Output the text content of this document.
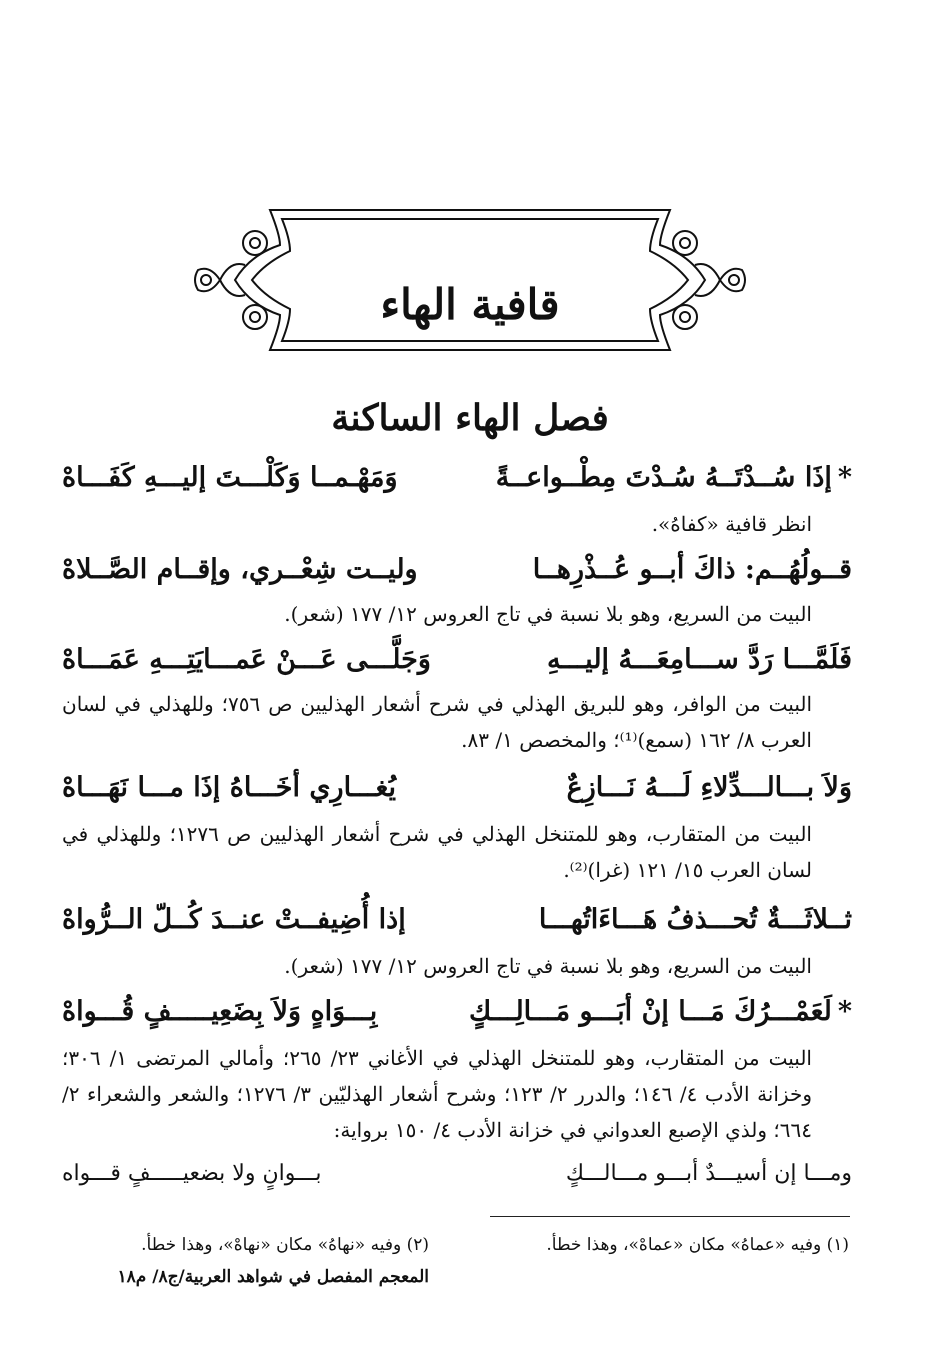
قافية الهاء
فصل الهاء الساكنة
*إذَا سُــدْتَــهُ سُـدْتَ مِطْــواعــةً
وَمَهْـمــا وَكَلْـــتَ إليـــهِ كَفَـــاهْ

انظر قافية «كفاهُ».

قــولُهُــم: ذاكَ أبــو عُــذْرِهــا
وليــت شِعْــري، وإقــام الصَّــلاهْ

البيت من السريع، وهو بلا نسبة في تاج العروس ١٢/ ١٧٧ (شعر).

فَلَمَّـــا رَدَّ ســـامِعَـــهُ إليـــهِ
وَجَلَّـــى عَـــنْ عَمـــايَتِـــهِ عَمَـــاهْ

البيت من الوافر، وهو للبريق الهذلي في شرح أشعار الهذليين ص ٧٥٦؛ وللهذلي في لسان العرب ٨/ ١٦٢ (سمع)⁽¹⁾؛ والمخصص ١/ ٨٣.

وَلاَ بـــالـــدِّلاءِ لَـــهُ نَـــازِعٌ
يُغـــارِي أخَـــاهُ إذَا مـــا نَهَـــاهْ

البيت من المتقارب، وهو للمتنخل الهذلي في شرح أشعار الهذليين ص ١٢٧٦؛ وللهذلي في لسان العرب ١٥/ ١٢١ (غرا)⁽²⁾.

ثــلاثَـــةٌ تُحـــذفُ هَـــاءَاتُهـــا
إذا أُضِيفــتْ عنــدَ كُــلّ الــرُّواهْ

البيت من السريع، وهو بلا نسبة في تاج العروس ١٢/ ١٧٧ (شعر).

*لَعَمْـــرُكَ مَـــا إنْ أبَـــو مَـــالِـــكٍ
بِـــوَاهٍ وَلاَ بِضَعِيـــــفٍ قُـــواهْ

البيت من المتقارب، وهو للمتنخل الهذلي في الأغاني ٢٣/ ٢٦٥؛ وأمالي المرتضى ١/ ٣٠٦؛ وخزانة الأدب ٤/ ١٤٦؛ والدرر ٢/ ١٢٣؛ وشرح أشعار الهذليّين ٣/ ١٢٧٦؛ والشعر والشعراء ٢/ ٦٦٤؛ ولذي الإصبع العدواني في خزانة الأدب ٤/ ١٥٠ برواية:

ومـــا إن أسيـــدٌ أبـــو مـــالـــكٍ
بـــوانٍ ولا بضعيـــــفٍ قـــواه
(١) وفيه «عماهُ» مكان «عماهْ»، وهذا خطأ.
(٢) وفيه «نهاهُ» مكان «نهاهْ»، وهذا خطأ.
المعجم المفصل في شواهد العربية/ج٨/ م١٨
